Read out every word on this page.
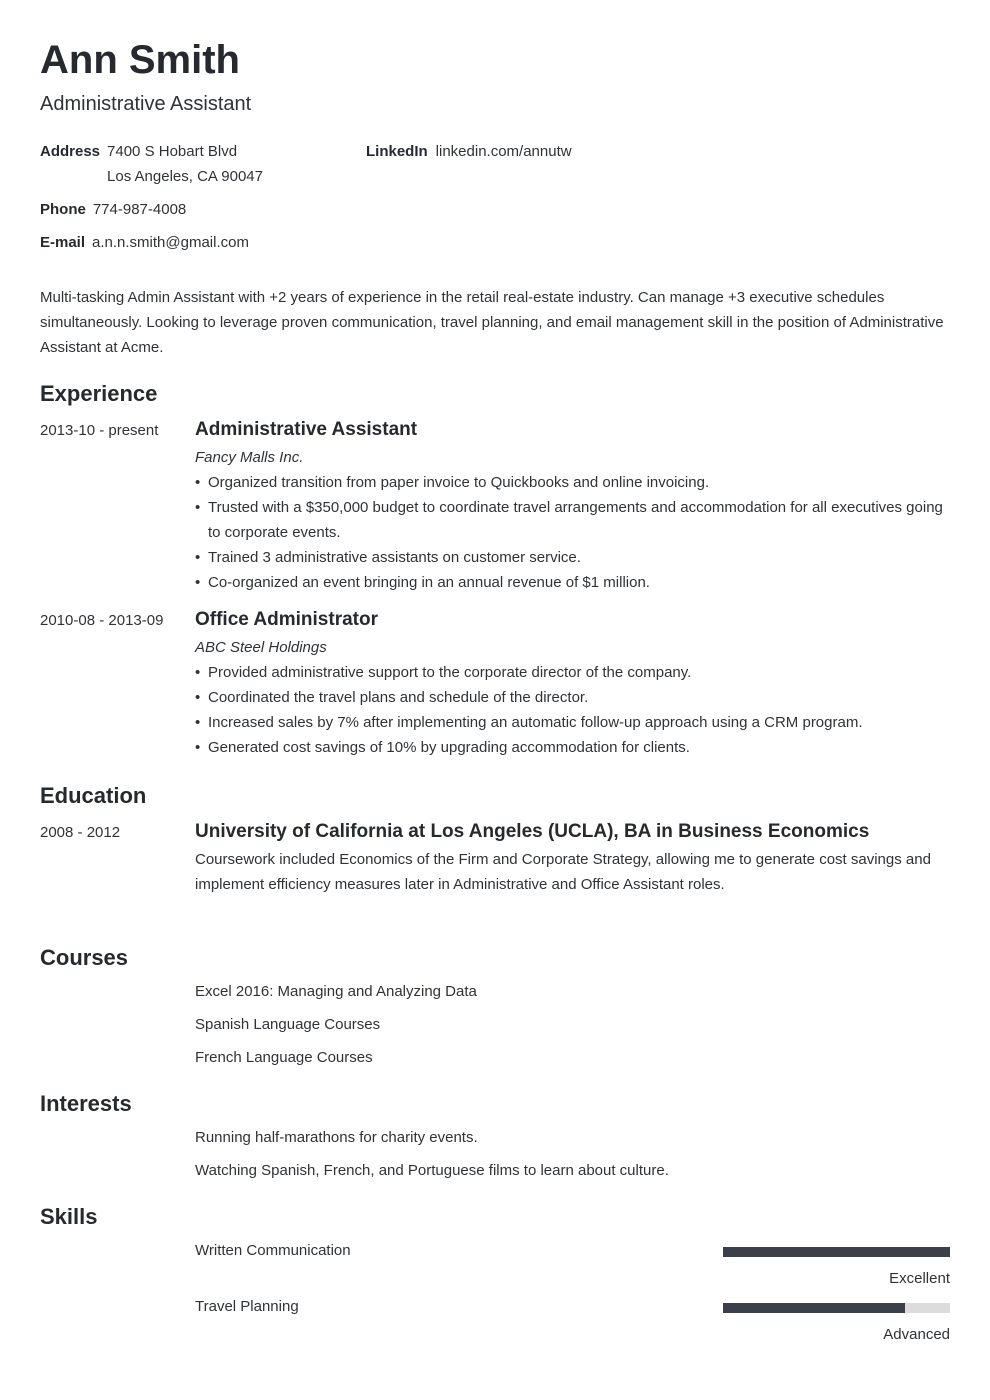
Ann Smith
Administrative Assistant
Address 7400 S Hobart Blvd
Los Angeles, CA 90047
LinkedIn linkedin.com/annutw
Phone 774-987-4008
E-mail a.n.n.smith@gmail.com
Multi-tasking Admin Assistant with +2 years of experience in the retail real-estate industry. Can manage +3 executive schedules simultaneously. Looking to leverage proven communication, travel planning, and email management skill in the position of Administrative Assistant at Acme.
Experience
2013-10 - present Administrative Assistant
Fancy Malls Inc.
• Organized transition from paper invoice to Quickbooks and online invoicing.
• Trusted with a $350,000 budget to coordinate travel arrangements and accommodation for all executives going to corporate events.
• Trained 3 administrative assistants on customer service.
• Co-organized an event bringing in an annual revenue of $1 million.
2010-08 - 2013-09 Office Administrator
ABC Steel Holdings
• Provided administrative support to the corporate director of the company.
• Coordinated the travel plans and schedule of the director.
• Increased sales by 7% after implementing an automatic follow-up approach using a CRM program.
• Generated cost savings of 10% by upgrading accommodation for clients.
Education
2008 - 2012	University of California at Los Angeles (UCLA), BA in Business Economics
Coursework included Economics of the Firm and Corporate Strategy, allowing me to generate cost savings and implement efficiency measures later in Administrative and Office Assistant roles.
Courses
Excel 2016: Managing and Analyzing Data
Spanish Language Courses
French Language Courses
Interests
Running half-marathons for charity events.
Watching Spanish, French, and Portuguese films to learn about culture.
Skills
Written Communication
Excellent
Travel Planning
Advanced
